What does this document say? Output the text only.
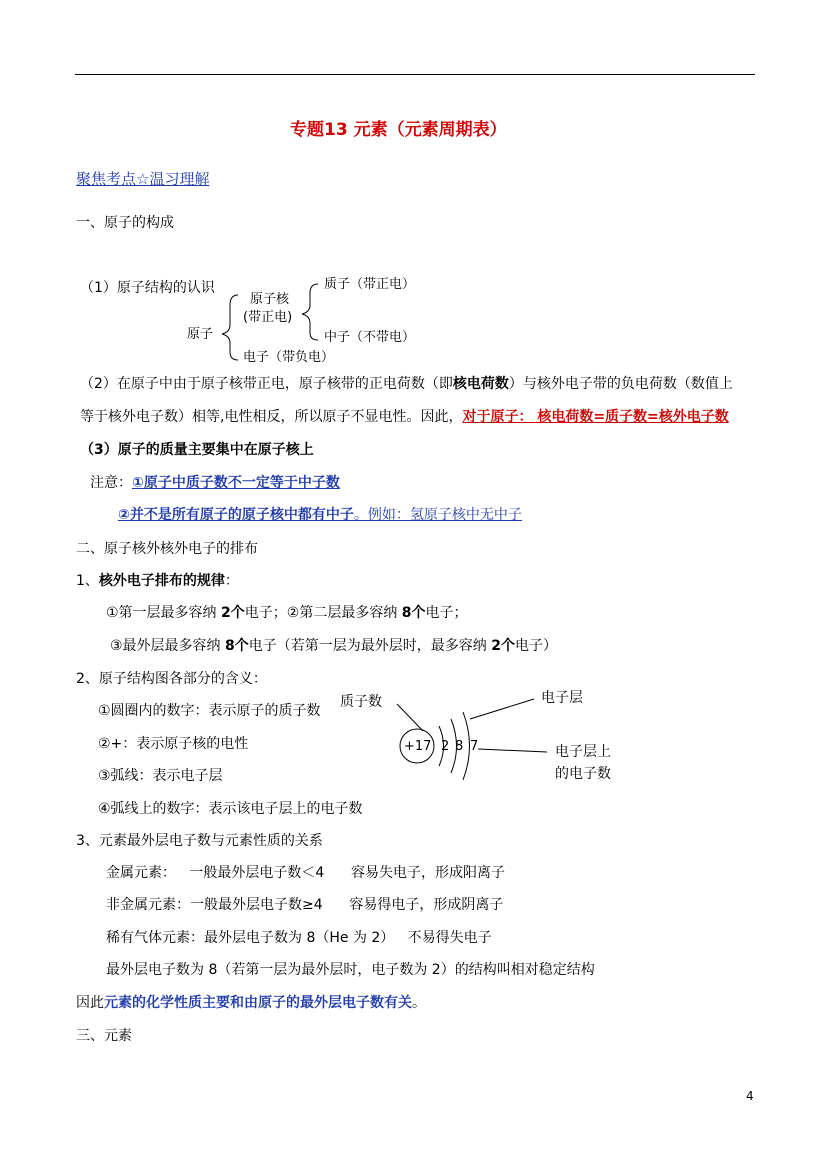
专题13 元素（元素周期表）
聚焦考点☆温习理解
一、原子的构成
（1）原子结构的认识
原子
原子核
(带正电)
质子（带正电）
中子（不带电）
电子（带负电）
（2）在原子中由于原子核带正电，原子核带的正电荷数（即核电荷数）与核外电子带的负电荷数（数值上
等于核外电子数）相等,电性相反，所以原子不显电性。因此，对于原子： 核电荷数=质子数=核外电子数
（3）原子的质量主要集中在原子核上
注意：①原子中质子数不一定等于中子数
②并不是所有原子的原子核中都有中子。例如：氢原子核中无中子
二、原子核外核外电子的排布
1、核外电子排布的规律：
①第一层最多容纳 2个电子；②第二层最多容纳 8个电子；
③最外层最多容纳 8个电子（若第一层为最外层时，最多容纳 2个电子）
2、原子结构图各部分的含义：
①圆圈内的数字：表示原子的质子数
②+：表示原子核的电性
③弧线：表示电子层
④弧线上的数字：表示该电子层上的电子数
质子数
+17 2 8 7
电子层
电子层上
的电子数
3、元素最外层电子数与元素性质的关系
金属元素：   一般最外层电子数＜4      容易失电子，形成阳离子
非金属元素：一般最外层电子数≥4      容易得电子，形成阴离子
稀有气体元素：最外层电子数为 8（He 为 2）   不易得失电子
最外层电子数为 8（若第一层为最外层时，电子数为 2）的结构叫相对稳定结构
因此元素的化学性质主要和由原子的最外层电子数有关。
三、元素
4
